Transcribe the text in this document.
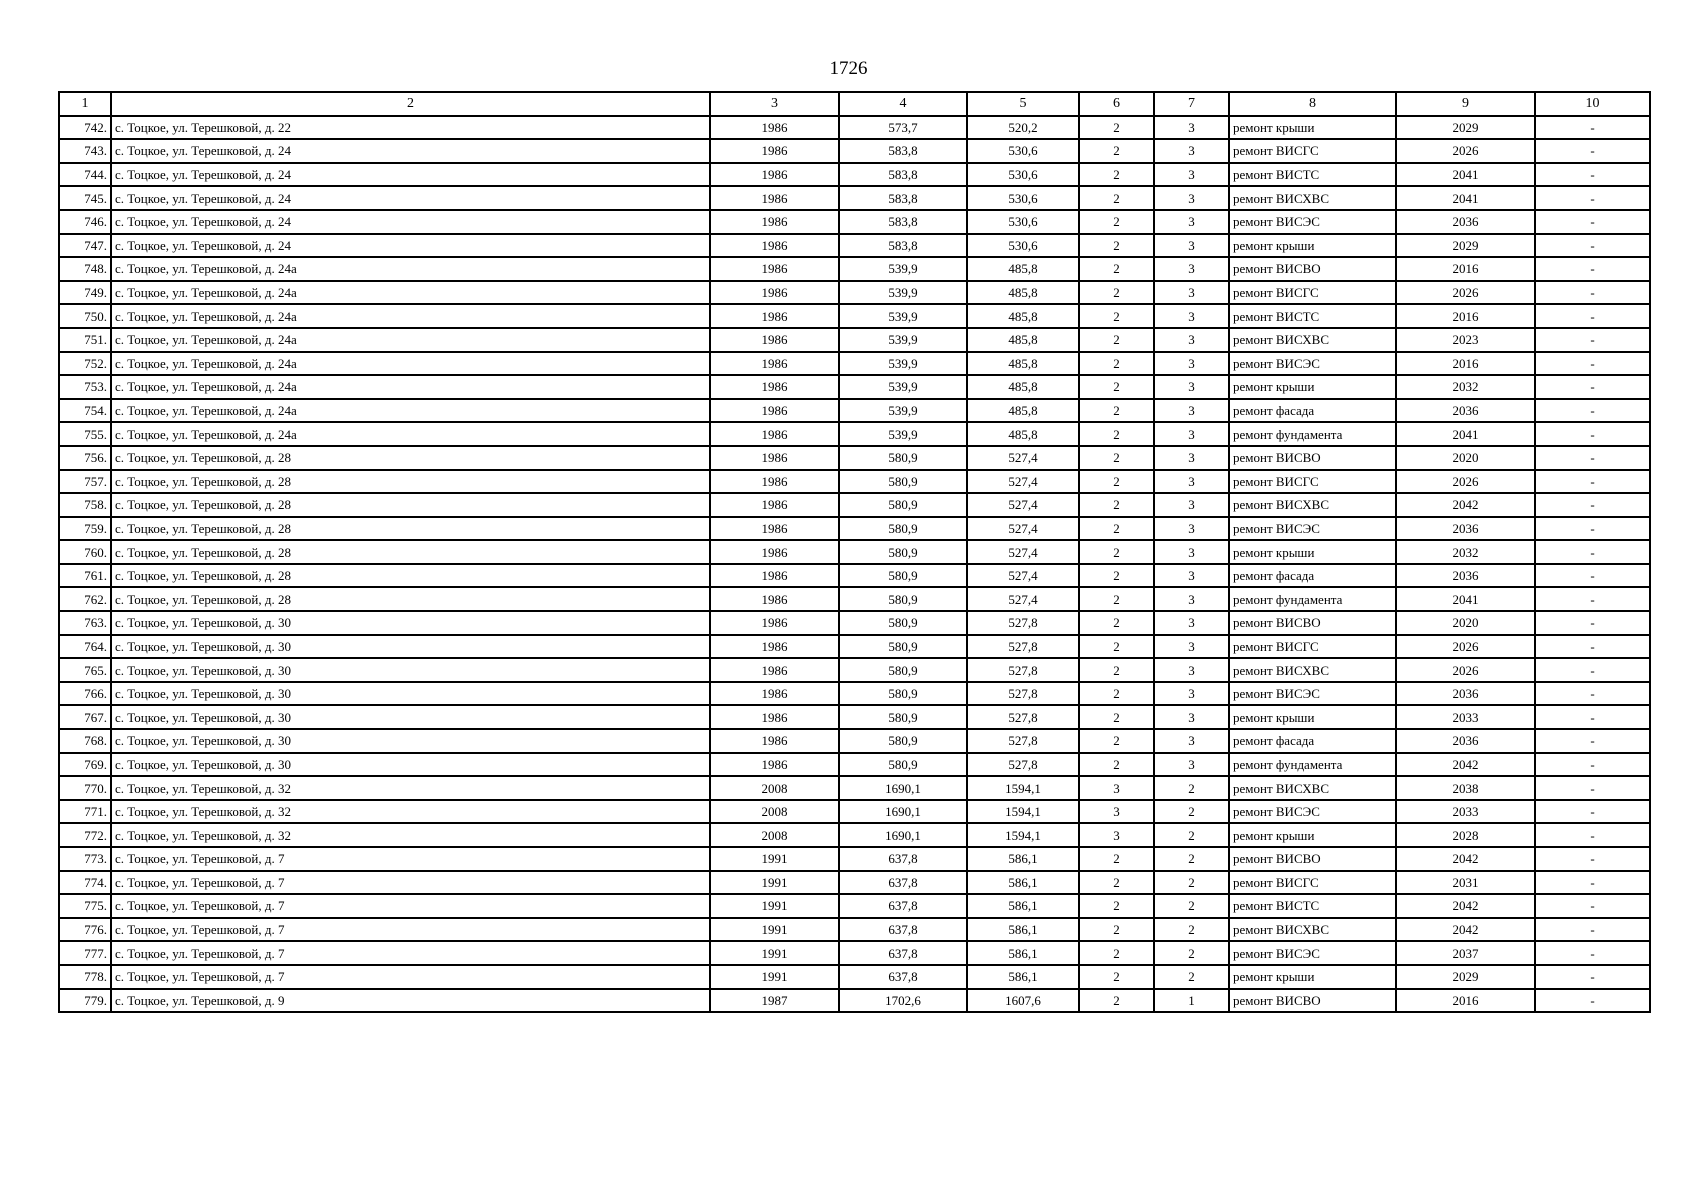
1726
1	2	3	4	5	6	7	8	9	10
742.	с. Тоцкое, ул. Терешковой, д. 22	1986	573,7	520,2	2	3	ремонт крыши	2029	-
743.	с. Тоцкое, ул. Терешковой, д. 24	1986	583,8	530,6	2	3	ремонт ВИСГС	2026	-
744.	с. Тоцкое, ул. Терешковой, д. 24	1986	583,8	530,6	2	3	ремонт ВИСТС	2041	-
745.	с. Тоцкое, ул. Терешковой, д. 24	1986	583,8	530,6	2	3	ремонт ВИСХВС	2041	-
746.	с. Тоцкое, ул. Терешковой, д. 24	1986	583,8	530,6	2	3	ремонт ВИСЭС	2036	-
747.	с. Тоцкое, ул. Терешковой, д. 24	1986	583,8	530,6	2	3	ремонт крыши	2029	-
748.	с. Тоцкое, ул. Терешковой, д. 24а	1986	539,9	485,8	2	3	ремонт ВИСВО	2016	-
749.	с. Тоцкое, ул. Терешковой, д. 24а	1986	539,9	485,8	2	3	ремонт ВИСГС	2026	-
750.	с. Тоцкое, ул. Терешковой, д. 24а	1986	539,9	485,8	2	3	ремонт ВИСТС	2016	-
751.	с. Тоцкое, ул. Терешковой, д. 24а	1986	539,9	485,8	2	3	ремонт ВИСХВС	2023	-
752.	с. Тоцкое, ул. Терешковой, д. 24а	1986	539,9	485,8	2	3	ремонт ВИСЭС	2016	-
753.	с. Тоцкое, ул. Терешковой, д. 24а	1986	539,9	485,8	2	3	ремонт крыши	2032	-
754.	с. Тоцкое, ул. Терешковой, д. 24а	1986	539,9	485,8	2	3	ремонт фасада	2036	-
755.	с. Тоцкое, ул. Терешковой, д. 24а	1986	539,9	485,8	2	3	ремонт фундамента	2041	-
756.	с. Тоцкое, ул. Терешковой, д. 28	1986	580,9	527,4	2	3	ремонт ВИСВО	2020	-
757.	с. Тоцкое, ул. Терешковой, д. 28	1986	580,9	527,4	2	3	ремонт ВИСГС	2026	-
758.	с. Тоцкое, ул. Терешковой, д. 28	1986	580,9	527,4	2	3	ремонт ВИСХВС	2042	-
759.	с. Тоцкое, ул. Терешковой, д. 28	1986	580,9	527,4	2	3	ремонт ВИСЭС	2036	-
760.	с. Тоцкое, ул. Терешковой, д. 28	1986	580,9	527,4	2	3	ремонт крыши	2032	-
761.	с. Тоцкое, ул. Терешковой, д. 28	1986	580,9	527,4	2	3	ремонт фасада	2036	-
762.	с. Тоцкое, ул. Терешковой, д. 28	1986	580,9	527,4	2	3	ремонт фундамента	2041	-
763.	с. Тоцкое, ул. Терешковой, д. 30	1986	580,9	527,8	2	3	ремонт ВИСВО	2020	-
764.	с. Тоцкое, ул. Терешковой, д. 30	1986	580,9	527,8	2	3	ремонт ВИСГС	2026	-
765.	с. Тоцкое, ул. Терешковой, д. 30	1986	580,9	527,8	2	3	ремонт ВИСХВС	2026	-
766.	с. Тоцкое, ул. Терешковой, д. 30	1986	580,9	527,8	2	3	ремонт ВИСЭС	2036	-
767.	с. Тоцкое, ул. Терешковой, д. 30	1986	580,9	527,8	2	3	ремонт крыши	2033	-
768.	с. Тоцкое, ул. Терешковой, д. 30	1986	580,9	527,8	2	3	ремонт фасада	2036	-
769.	с. Тоцкое, ул. Терешковой, д. 30	1986	580,9	527,8	2	3	ремонт фундамента	2042	-
770.	с. Тоцкое, ул. Терешковой, д. 32	2008	1690,1	1594,1	3	2	ремонт ВИСХВС	2038	-
771.	с. Тоцкое, ул. Терешковой, д. 32	2008	1690,1	1594,1	3	2	ремонт ВИСЭС	2033	-
772.	с. Тоцкое, ул. Терешковой, д. 32	2008	1690,1	1594,1	3	2	ремонт крыши	2028	-
773.	с. Тоцкое, ул. Терешковой, д. 7	1991	637,8	586,1	2	2	ремонт ВИСВО	2042	-
774.	с. Тоцкое, ул. Терешковой, д. 7	1991	637,8	586,1	2	2	ремонт ВИСГС	2031	-
775.	с. Тоцкое, ул. Терешковой, д. 7	1991	637,8	586,1	2	2	ремонт ВИСТС	2042	-
776.	с. Тоцкое, ул. Терешковой, д. 7	1991	637,8	586,1	2	2	ремонт ВИСХВС	2042	-
777.	с. Тоцкое, ул. Терешковой, д. 7	1991	637,8	586,1	2	2	ремонт ВИСЭС	2037	-
778.	с. Тоцкое, ул. Терешковой, д. 7	1991	637,8	586,1	2	2	ремонт крыши	2029	-
779.	с. Тоцкое, ул. Терешковой, д. 9	1987	1702,6	1607,6	2	1	ремонт ВИСВО	2016	-
